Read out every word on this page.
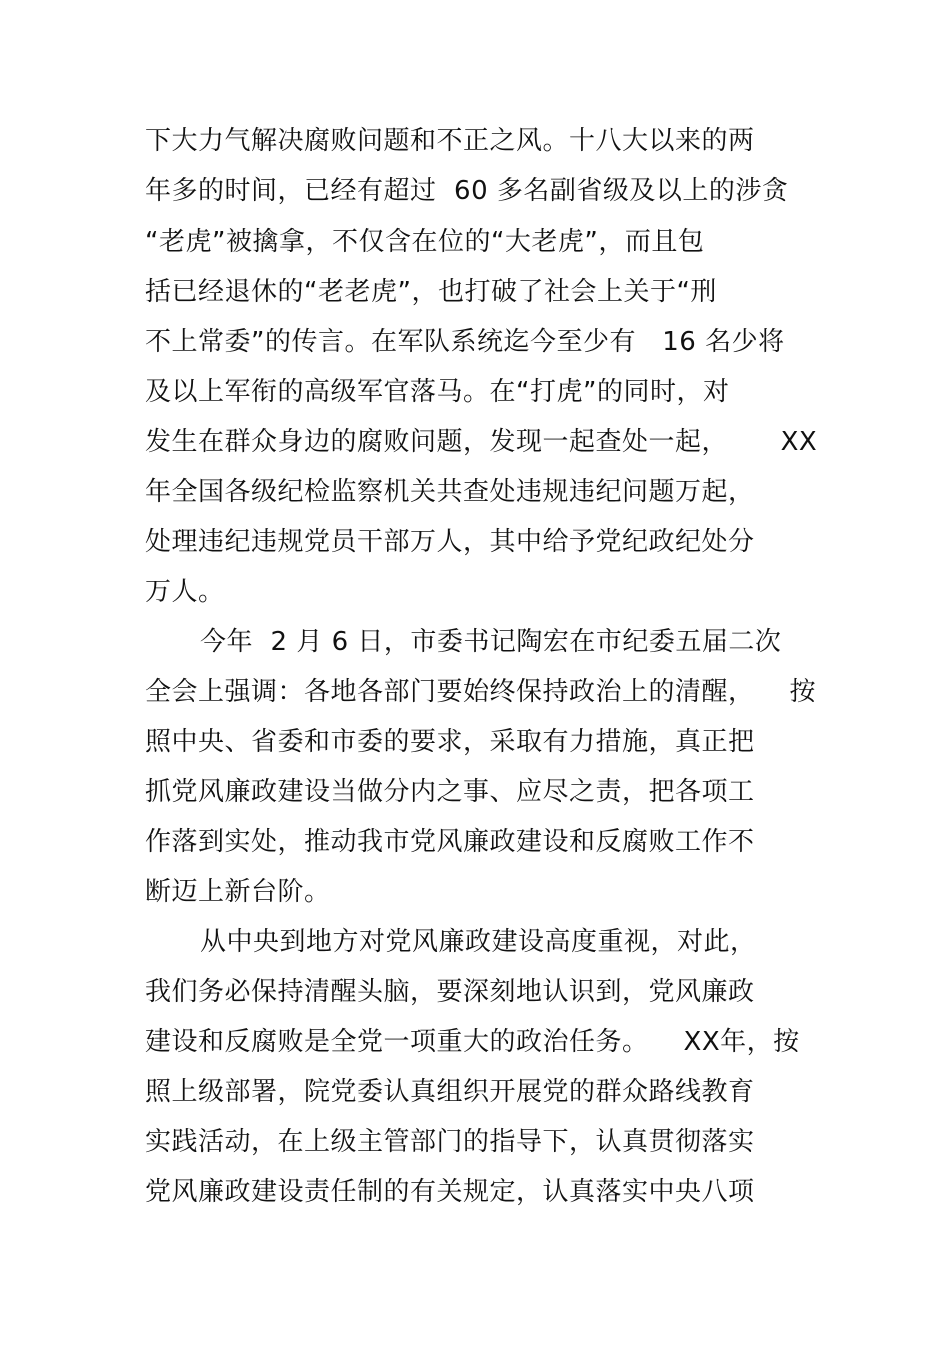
下大力气解决腐败问题和不正之风。十八大以来的两
年多的时间，已经有超过  60 多名副省级及以上的涉贪
“老虎”被擒拿，不仅含在位的“大老虎”，而且包
括已经退休的“老老虎”，也打破了社会上关于“刑
不上常委”的传言。在军队系统迄今至少有   16 名少将
及以上军衔的高级军官落马。在“打虎”的同时，对
发生在群众身边的腐败问题，发现一起查处一起，      XX
年全国各级纪检监察机关共查处违规违纪问题万起，
处理违纪违规党员干部万人，其中给予党纪政纪处分
万人。
今年  2 月 6 日，市委书记陶宏在市纪委五届二次
全会上强调：各地各部门要始终保持政治上的清醒，    按
照中央、省委和市委的要求，采取有力措施，真正把
抓党风廉政建设当做分内之事、应尽之责，把各项工
作落到实处，推动我市党风廉政建设和反腐败工作不
断迈上新台阶。
从中央到地方对党风廉政建设高度重视，对此，
我们务必保持清醒头脑，要深刻地认识到，党风廉政
建设和反腐败是全党一项重大的政治任务。    XX年，按
照上级部署，院党委认真组织开展党的群众路线教育
实践活动，在上级主管部门的指导下，认真贯彻落实
党风廉政建设责任制的有关规定，认真落实中央八项
